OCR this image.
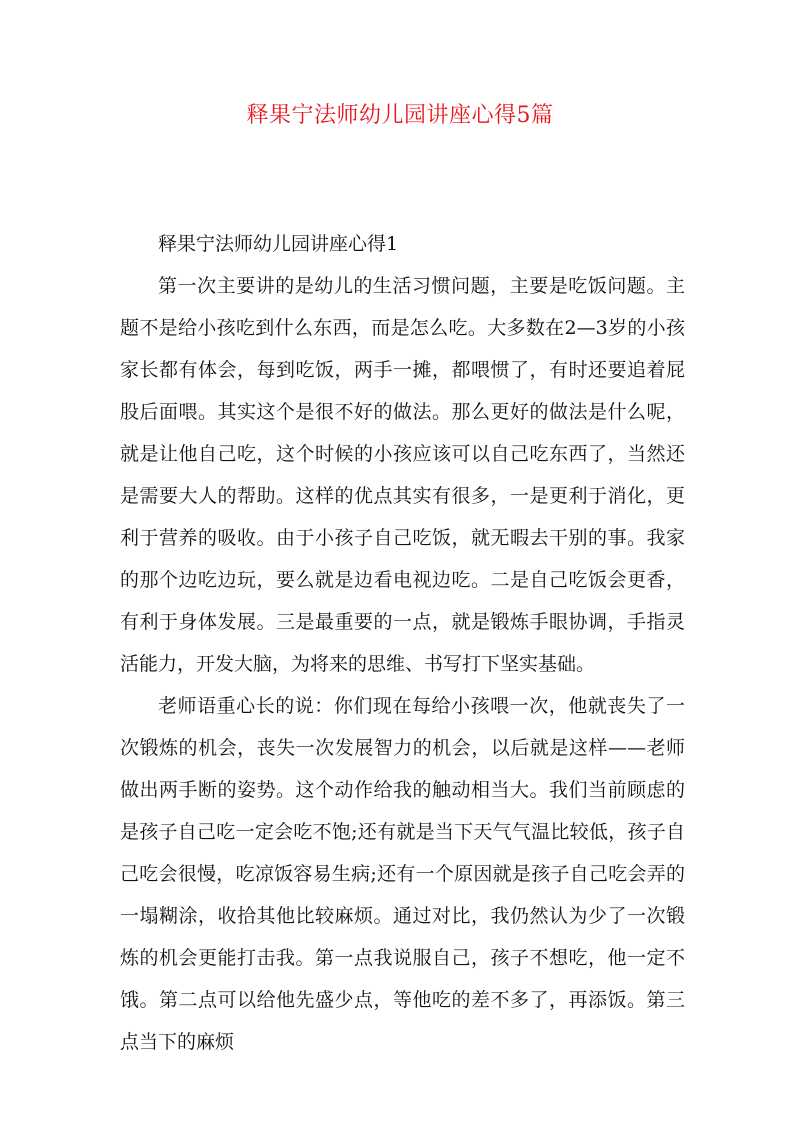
释果宁法师幼儿园讲座心得5篇
释果宁法师幼儿园讲座心得1

第一次主要讲的是幼儿的生活习惯问题，主要是吃饭问题。主题不是给小孩吃到什么东西，而是怎么吃。大多数在2—3岁的小孩家长都有体会，每到吃饭，两手一摊，都喂惯了，有时还要追着屁股后面喂。其实这个是很不好的做法。那么更好的做法是什么呢，就是让他自己吃，这个时候的小孩应该可以自己吃东西了，当然还是需要大人的帮助。这样的优点其实有很多，一是更利于消化，更利于营养的吸收。由于小孩子自己吃饭，就无暇去干别的事。我家的那个边吃边玩，要么就是边看电视边吃。二是自己吃饭会更香，有利于身体发展。三是最重要的一点，就是锻炼手眼协调，手指灵活能力，开发大脑，为将来的思维、书写打下坚实基础。

老师语重心长的说：你们现在每给小孩喂一次，他就丧失了一次锻炼的机会，丧失一次发展智力的机会，以后就是这样——老师做出两手断的姿势。这个动作给我的触动相当大。我们当前顾虑的是孩子自己吃一定会吃不饱;还有就是当下天气气温比较低，孩子自己吃会很慢，吃凉饭容易生病;还有一个原因就是孩子自己吃会弄的一塌糊涂，收拾其他比较麻烦。通过对比，我仍然认为少了一次锻炼的机会更能打击我。第一点我说服自己，孩子不想吃，他一定不饿。第二点可以给他先盛少点，等他吃的差不多了，再添饭。第三点当下的麻烦
